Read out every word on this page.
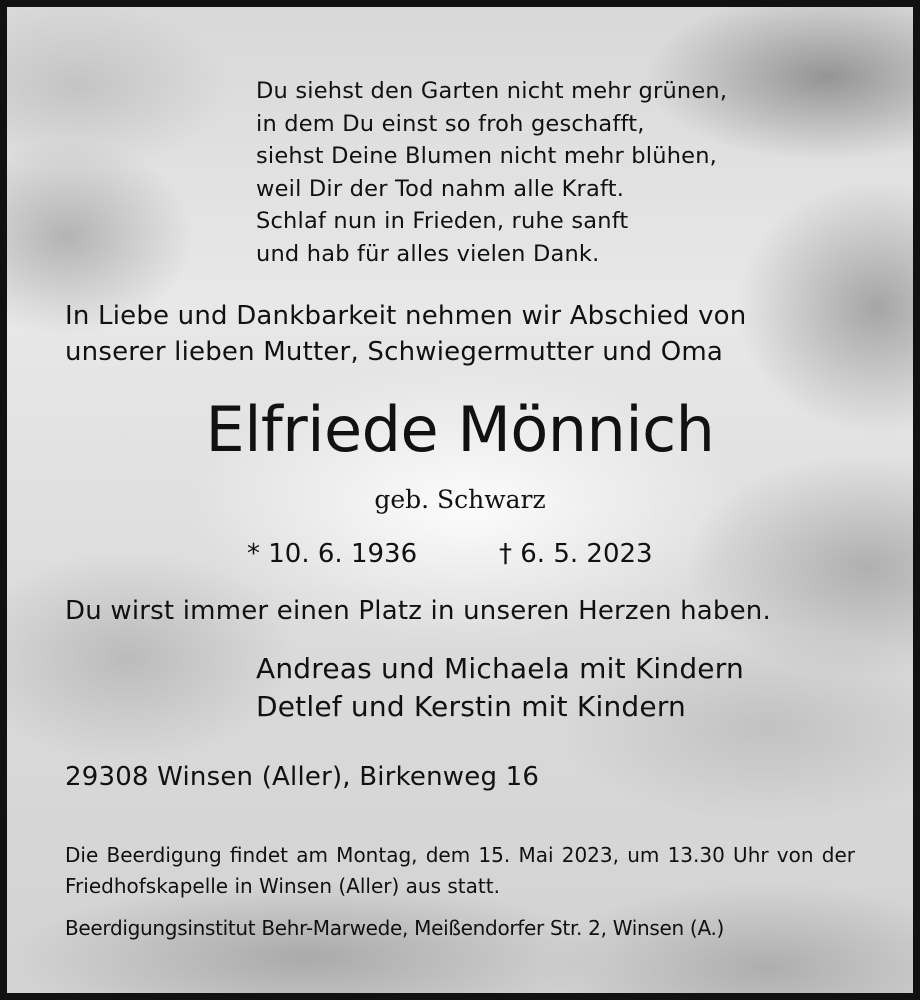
Du siehst den Garten nicht mehr grünen,
in dem Du einst so froh geschafft,
siehst Deine Blumen nicht mehr blühen,
weil Dir der Tod nahm alle Kraft.
Schlaf nun in Frieden, ruhe sanft
und hab für alles vielen Dank.
In Liebe und Dankbarkeit nehmen wir Abschied von
unserer lieben Mutter, Schwiegermutter und Oma
Elfriede Mönnich
geb. Schwarz
* 10. 6. 1936	† 6. 5. 2023
Du wirst immer einen Platz in unseren Herzen haben.
Andreas und Michaela mit Kindern
Detlef und Kerstin mit Kindern
29308 Winsen (Aller), Birkenweg 16
Die Beerdigung findet am Montag, dem 15. Mai 2023, um 13.30 Uhr von der Friedhofskapelle in Winsen (Aller) aus statt.
Beerdigungsinstitut Behr-Marwede, Meißendorfer Str. 2, Winsen (A.)
